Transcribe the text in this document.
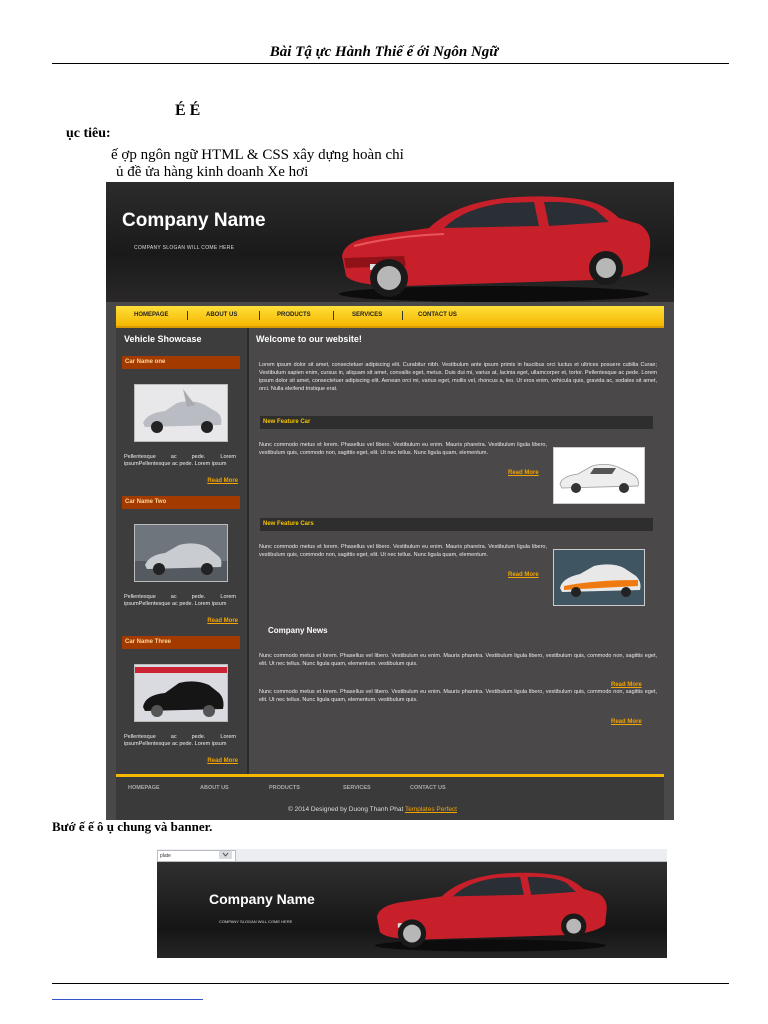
Bài Tậ ực Hành Thiế ế ới Ngôn Ngữ
É É
ục tiêu:
ế ợp ngôn ngữ HTML & CSS xây dựng hoàn chỉ
ủ đề ửa hàng kinh doanh Xe hơi
Company Name
COMPANY SLOGAN WILL COME HERE
HOMEPAGE	ABOUT US	PRODUCTS	SERVICES	CONTACT US
Vehicle Showcase
Car Name one
Pellentesque ac pede. Lorem ipsumPellentesque ac pede. Lorem ipsum
Read More
Car Name Two
Pellentesque ac pede. Lorem ipsumPellentesque ac pede. Lorem ipsum
Read More
Car Name Three
Pellentesque ac pede. Lorem ipsumPellentesque ac pede. Lorem ipsum
Read More
Welcome to our website!
Lorem ipsum dolor sit amet, consectetuer adipiscing elit. Curabitur nibh. Vestibulum ante ipsum primis in faucibus orci luctus et ultrices posuere cubilia Curae; Vestibulum sapien enim, cursus in, aliquam sit amet, convallis eget, metus. Duis dui mi, varius at, lacinia eget, ullamcorper et, tortor. Pellentesque ac pede. Lorem ipsum dolor sit amet, consectetuer adipiscing elit. Aenean orci mi, varius eget, mollis vel, rhoncus a, leo. Ut eros enim, vehicula quis, gravida ac, sodales sit amet, orci. Nulla eleifend tristique erat.
New Feature Car
Nunc commodo metus et lorem. Phasellus vel libero. Vestibulum eu enim. Mauris pharetra. Vestibulum ligula libero, vestibulum quis, commodo non, sagittis eget, elit. Ut nec tellus. Nunc ligula quam, elementum.
Read More
New Feature Cars
Nunc commodo metus et lorem. Phasellus vel libero. Vestibulum eu enim. Mauris pharetra. Vestibulum ligula libero, vestibulum quis, commodo non, sagittis eget, elit. Ut nec tellus. Nunc ligula quam, elementum.
Read More
Company News
Nunc commodo metus et lorem. Phasellus vel libero. Vestibulum eu enim. Mauris pharetra. Vestibulum ligula libero, vestibulum quis, commodo non, sagittis eget, elit. Ut nec tellus. Nunc ligula quam, elementum. vestibulum quis.
Read More
Nunc commodo metus et lorem. Phasellus vel libero. Vestibulum eu enim. Mauris pharetra. Vestibulum ligula libero, vestibulum quis, commodo non, sagittis eget, elit. Ut nec tellus. Nunc ligula quam, elementum. vestibulum quis.
Read More
HOMEPAGE	ABOUT US	PRODUCTS	SERVICES	CONTACT US
© 2014 Designed by Duong Thanh Phat Templates Perfect
Bướ ế ế ô ụ chung và banner.
plate
Company Name
COMPANY SLOGAN WILL COME HERE
